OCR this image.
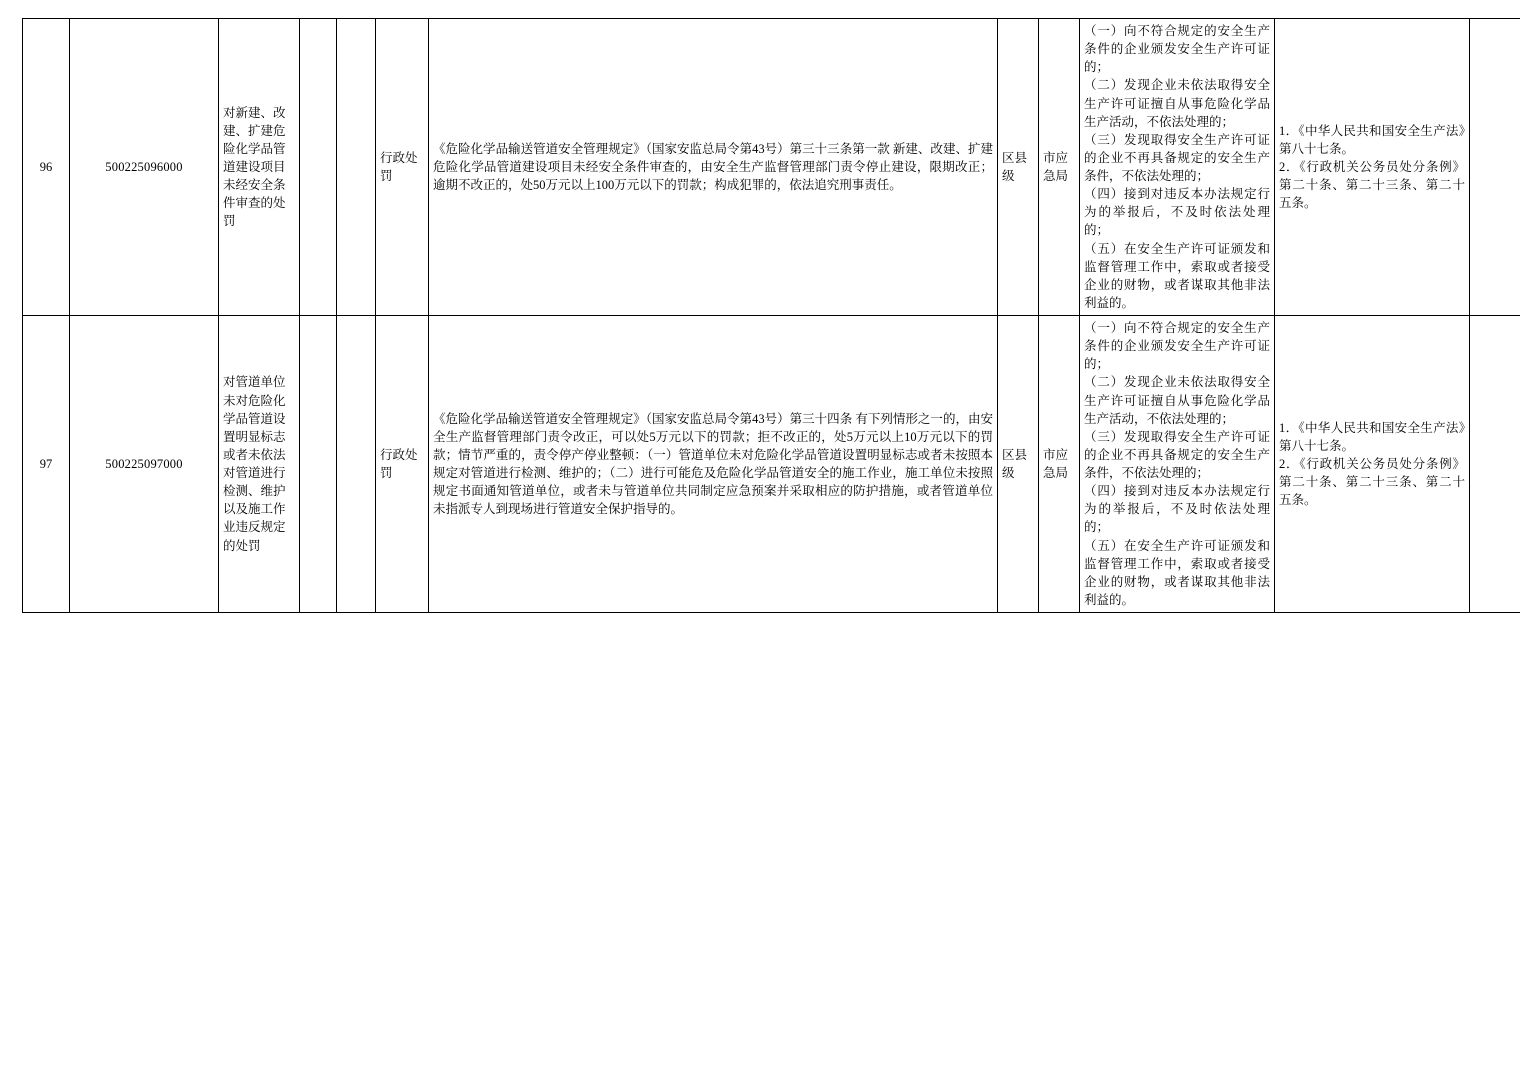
96	500225096000	对新建、改建、扩建危险化学品管道建设项目未经安全条件审查的处罚			行政处罚	《危险化学品输送管道安全管理规定》（国家安监总局令第43号）第三十三条第一款 新建、改建、扩建危险化学品管道建设项目未经安全条件审查的，由安全生产监督管理部门责令停止建设，限期改正；逾期不改正的，处50万元以上100万元以下的罚款；构成犯罪的，依法追究刑事责任。	区县级	市应急局	（一）向不符合规定的安全生产条件的企业颁发安全生产许可证的；
（二）发现企业未依法取得安全生产许可证擅自从事危险化学品生产活动，不依法处理的；
（三）发现取得安全生产许可证的企业不再具备规定的安全生产条件，不依法处理的；
（四）接到对违反本办法规定行为的举报后，不及时依法处理的；
（五）在安全生产许可证颁发和监督管理工作中，索取或者接受企业的财物，或者谋取其他非法利益的。	1．《中华人民共和国安全生产法》第八十七条。
2．《行政机关公务员处分条例》第二十条、第二十三条、第二十五条。	
97	500225097000	对管道单位未对危险化学品管道设置明显标志或者未依法对管道进行检测、维护以及施工作业违反规定的处罚			行政处罚	《危险化学品输送管道安全管理规定》（国家安监总局令第43号）第三十四条 有下列情形之一的，由安全生产监督管理部门责令改正，可以处5万元以下的罚款；拒不改正的，处5万元以上10万元以下的罚款；情节严重的，责令停产停业整顿：（一）管道单位未对危险化学品管道设置明显标志或者未按照本规定对管道进行检测、维护的；（二）进行可能危及危险化学品管道安全的施工作业，施工单位未按照规定书面通知管道单位，或者未与管道单位共同制定应急预案并采取相应的防护措施，或者管道单位未指派专人到现场进行管道安全保护指导的。	区县级	市应急局	（一）向不符合规定的安全生产条件的企业颁发安全生产许可证的；
（二）发现企业未依法取得安全生产许可证擅自从事危险化学品生产活动，不依法处理的；
（三）发现取得安全生产许可证的企业不再具备规定的安全生产条件，不依法处理的；
（四）接到对违反本办法规定行为的举报后，不及时依法处理的；
（五）在安全生产许可证颁发和监督管理工作中，索取或者接受企业的财物，或者谋取其他非法利益的。	1．《中华人民共和国安全生产法》第八十七条。
2．《行政机关公务员处分条例》第二十条、第二十三条、第二十五条。	
